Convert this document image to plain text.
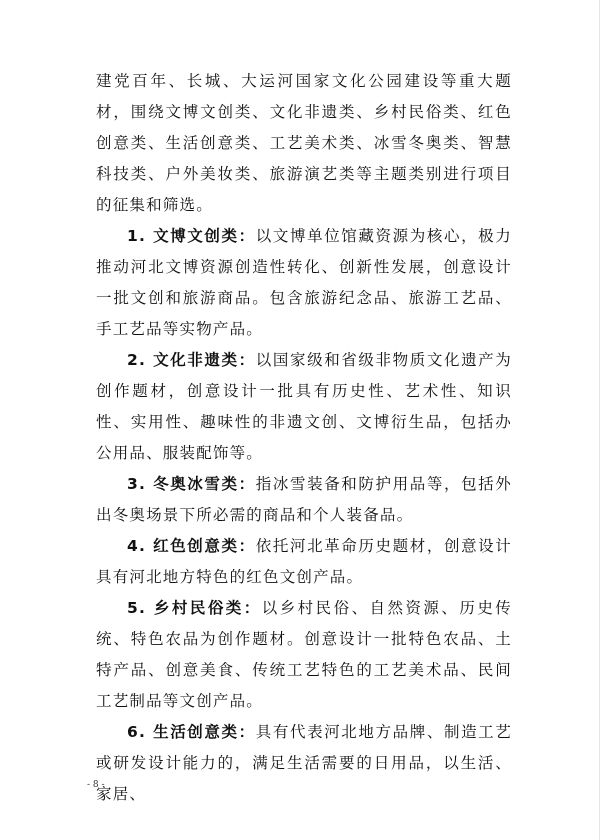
建党百年、长城、大运河国家文化公园建设等重大题材，围绕文博文创类、文化非遗类、乡村民俗类、红色创意类、生活创意类、工艺美术类、冰雪冬奥类、智慧科技类、户外美妆类、旅游演艺类等主题类别进行项目的征集和筛选。

1. 文博文创类：以文博单位馆藏资源为核心，极力推动河北文博资源创造性转化、创新性发展，创意设计一批文创和旅游商品。包含旅游纪念品、旅游工艺品、手工艺品等实物产品。

2. 文化非遗类：以国家级和省级非物质文化遗产为创作题材，创意设计一批具有历史性、艺术性、知识性、实用性、趣味性的非遗文创、文博衍生品，包括办公用品、服装配饰等。

3. 冬奥冰雪类：指冰雪装备和防护用品等，包括外出冬奥场景下所必需的商品和个人装备品。

4. 红色创意类：依托河北革命历史题材，创意设计具有河北地方特色的红色文创产品。

5. 乡村民俗类：以乡村民俗、自然资源、历史传统、特色农品为创作题材。创意设计一批特色农品、土特产品、创意美食、传统工艺特色的工艺美术品、民间工艺制品等文创产品。

6. 生活创意类：具有代表河北地方品牌、制造工艺或研发设计能力的，满足生活需要的日用品，以生活、家居、

- 8 -
